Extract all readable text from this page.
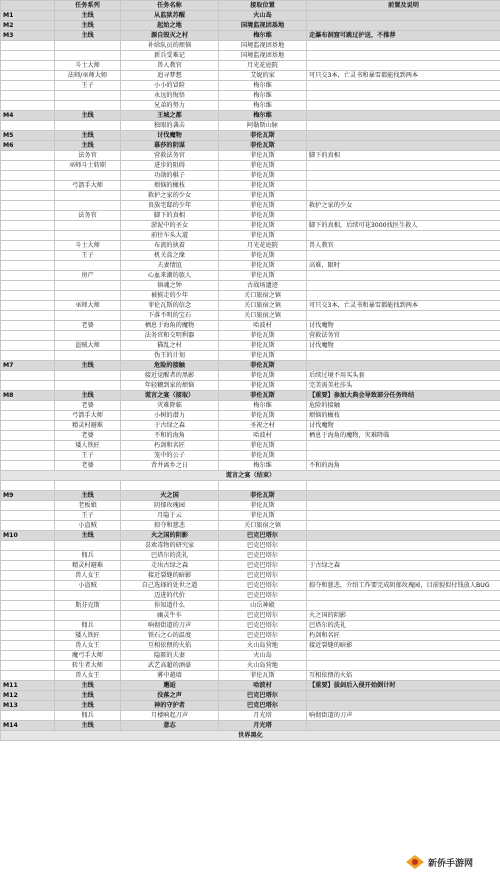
	任务系列	任务名称	接取位置	前置及说明
M1	主线	从监狱苏醒	火山岛	
M2	主线	起始之地	国境监视团基地	
M3	主线	源自毁灭之村	梅尔维	走瀑布洞窟可跳过护送，不推荐
		补给队员的烦恼	国境监视团基地	
		新兵受难记	国境监视团基地	
	斗士大师	兽人教官	月光花庭院	
	法师/巫师大师	追寻梦想	艾妮的家	可只交3本，亡灵书和暴雪都能找到两本
	王子	小小的冒险	梅尔维	
		永远的悔悟	梅尔维	
		兄弟的努力	梅尔维	
M4	主线	王城之都	梅尔维	
		独眼的袭击	阿勒斯山脉	
M5	主线	讨伐魔物	菲伦瓦斯	
M6	主线	慕莎的阴谋	菲伦瓦斯	
	法务官	营救法务官	菲伦瓦斯	脚下的真相
	巫师斗士转职	进步的阻碍	菲伦瓦斯	
		功勋的棋子	菲伦瓦斯	
	弓箭手大师	烦恼的橄枝	菲伦瓦斯	
		救护之家的少女	菲伦瓦斯	
		贵族宅邸的少年	菲伦瓦斯	救护之家的少女
	法务官	脚下的真相	菲伦瓦斯	
		淤泥中的圣女	菲伦瓦斯	脚下的真相，后续可花3000找医生救人
		前往车头大道	菲伦瓦斯	
	斗士大师	布流的执着	月光花庭院	兽人教官
	王子	机关盒之缘	菲伦瓦斯	
		夫妻情谊	菲伦瓦斯	高难，限时
	房产	心血来潮的旅人	菲伦瓦斯	
		镇魂之钟	古战场遗迹	
		被掳走的少年	关口旅宿之镇	
	巫师大师	菲伦瓦斯的信念	关口旅宿之镇	可只交3本，亡灵书和暴雪都能找到两本
		下落不明的宝石	关口旅宿之镇	
	老婆	栖息于海角的魔物	哈波村	讨伐魔物
		法务官和交明利器	菲伦瓦斯	营救法务官
	盗贼大师	猫乱之村	菲伦瓦斯	讨伐魔物
		伪王的计划	菲伦瓦斯	
M7	主线	危险的接触	菲伦瓦斯	
		接近觉醒者的黑影	菲伦瓦斯	后续过境不用买头套
		年轻糊到家的烦恼	菲伦瓦斯	完美需美杜莎头
M8	主线	谎言之宴（接取）	菲伦瓦斯	【重要】参加大典会导致部分任务终结
	老婆	灾难降临	梅尔维	危险的接触
	弓箭手大师	小树的潜力	菲伦瓦斯	烦恼的橄枝
	精灵村避难	于古绿之森	圣祝之村	讨伐魔物
	老婆	不和的海角	哈波村	栖息于海角的魔物，灾难降临
	矮人铁匠	朽剑和名匠	菲伦瓦斯	
	王子	笼中的公子	菲伦瓦斯	
	老婆	背井离乡之日	梅尔维	不和的海角
谎言之宴（结束）				

M9	主线	火之国	菲伦瓦斯	
	老板娘	阴郁玫瑰园	菲伦瓦斯	
	王子	月隐于云	菲伦瓦斯	
	小盗贼	掠夺和慈悲	关口旅宿之镇	
M10	主线	火之国的阴影	巴克巴塔尔	
		喜欢毒物的研究家	巴克巴塔尔	
	佣兵	巴塔尔的洗礼	巴克巴塔尔	
	精灵村避难	走出古绿之森	巴克巴塔尔	于古绿之森
	兽人女王	接近裂缝的暗影	巴克巴塔尔	
	小盗贼	自己选择的处世之道	巴克巴塔尔	掠夺和慈悲，介绍工作要完成阴郁玫瑰园，目前貌似付钱放人BUG
		迈进的代价	巴克巴塔尔	
	斯芬克斯	你知道什么	山岳神殿	
		幽灵牛车	巴克巴塔尔	火之国的阴影
	佣兵	响彻街道的刀声	巴克巴塔尔	巴塔尔的洗礼
	矮人铁匠	铁石之心的温度	巴克巴塔尔	朽剑和名匠
	兽人女王	互相依偎的火焰	火山岛营地	接近裂缝的暗影
	魔弓手大师	隐匿的夫妻	火山岛	
	转生者大师	武艺高超的酒豪	火山岛营地	
	兽人女王	雾中越墙	菲伦瓦斯	互相依偎的火焰
M11	主线	邂逅	哈波村	【重要】拔剑后入侵开始倒计时
M12	主线	没落之声	巴克巴塔尔	
M13	主线	神的守护者	巴克巴塔尔	
	佣兵	月楼响起刀声	月光塔	响彻街道的刀声
M14	主线	意志	月光塔	
世界黑化				
新侨手游网
